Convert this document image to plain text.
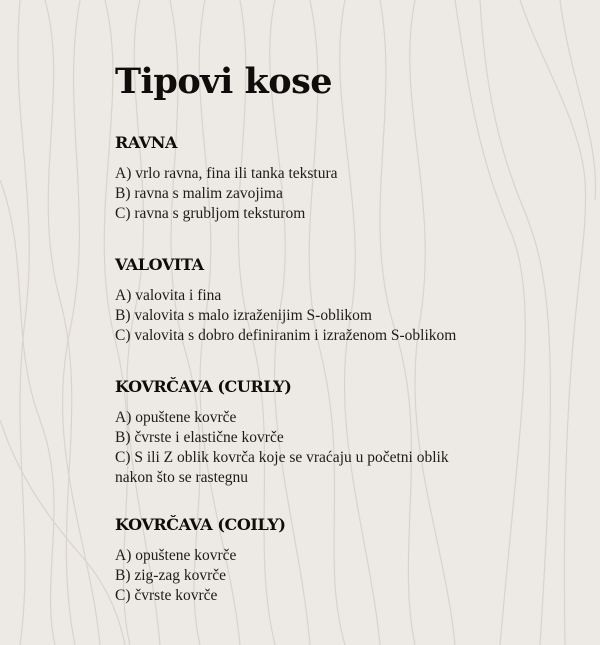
Tipovi kose
RAVNA

A) vrlo ravna, fina ili tanka tekstura

B) ravna s malim zavojima

C) ravna s grubljom teksturom

VALOVITA

A) valovita i fina

B) valovita s malo izraženijim S-oblikom

C) valovita s dobro definiranim i izraženom S-oblikom

KOVRČAVA (CURLY)

A) opuštene kovrče

B) čvrste i elastične kovrče

C) S ili Z oblik kovrča koje se vraćaju u početni oblik nakon što se rastegnu

KOVRČAVA (COILY)

A) opuštene kovrče

B) zig-zag kovrče

C) čvrste kovrče
